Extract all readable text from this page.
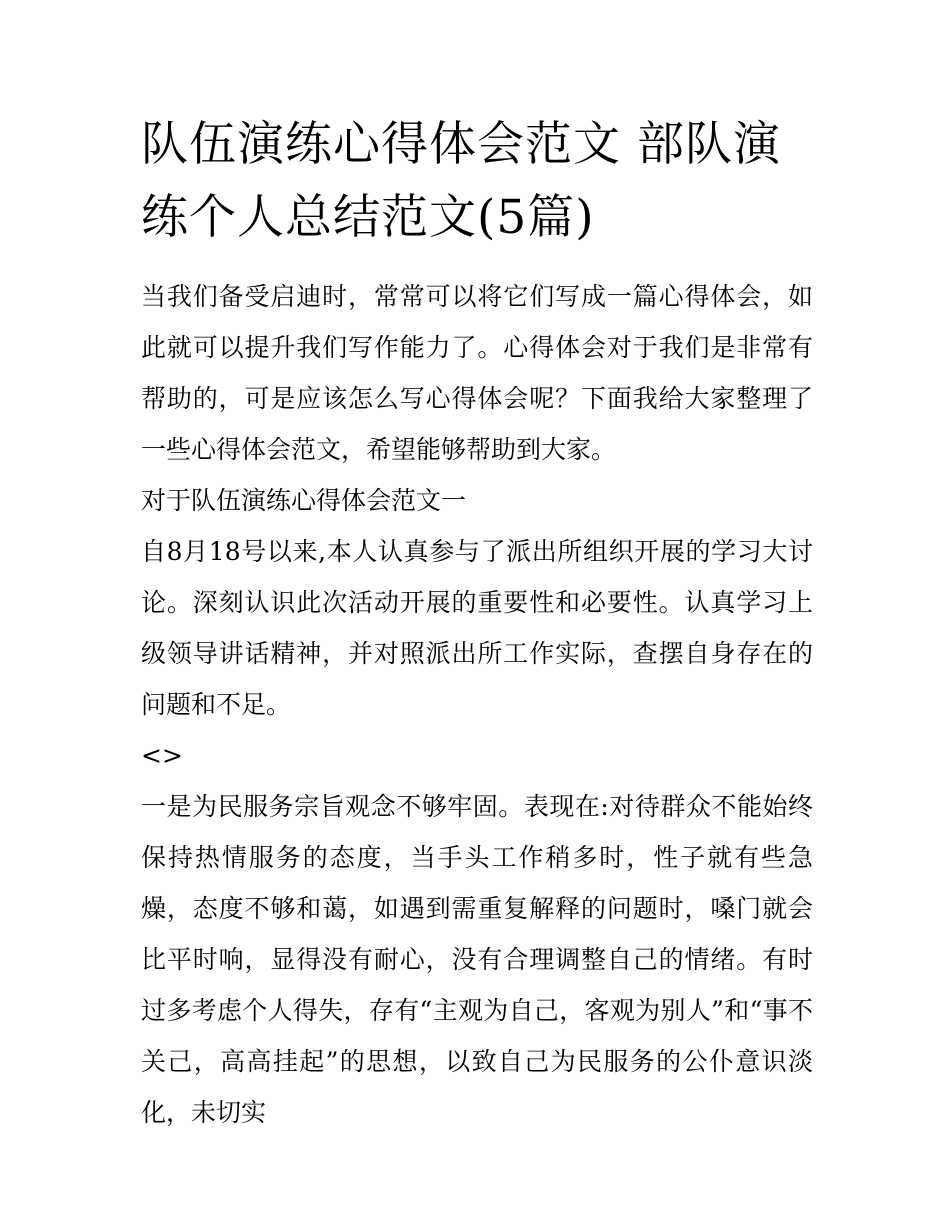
队伍演练心得体会范文 部队演练个人总结范文(5篇)

当我们备受启迪时，常常可以将它们写成一篇心得体会，如此就可以提升我们写作能力了。心得体会对于我们是非常有帮助的，可是应该怎么写心得体会呢？下面我给大家整理了一些心得体会范文，希望能够帮助到大家。

对于队伍演练心得体会范文一

自8月18号以来,本人认真参与了派出所组织开展的学习大讨论。深刻认识此次活动开展的重要性和必要性。认真学习上级领导讲话精神，并对照派出所工作实际，查摆自身存在的问题和不足。

<>

一是为民服务宗旨观念不够牢固。表现在:对待群众不能始终保持热情服务的态度，当手头工作稍多时，性子就有些急燥，态度不够和蔼，如遇到需重复解释的问题时，嗓门就会比平时响，显得没有耐心，没有合理调整自己的情绪。有时过多考虑个人得失，存有“主观为自己，客观为别人”和“事不关己，高高挂起”的思想，以致自己为民服务的公仆意识淡化，未切实
